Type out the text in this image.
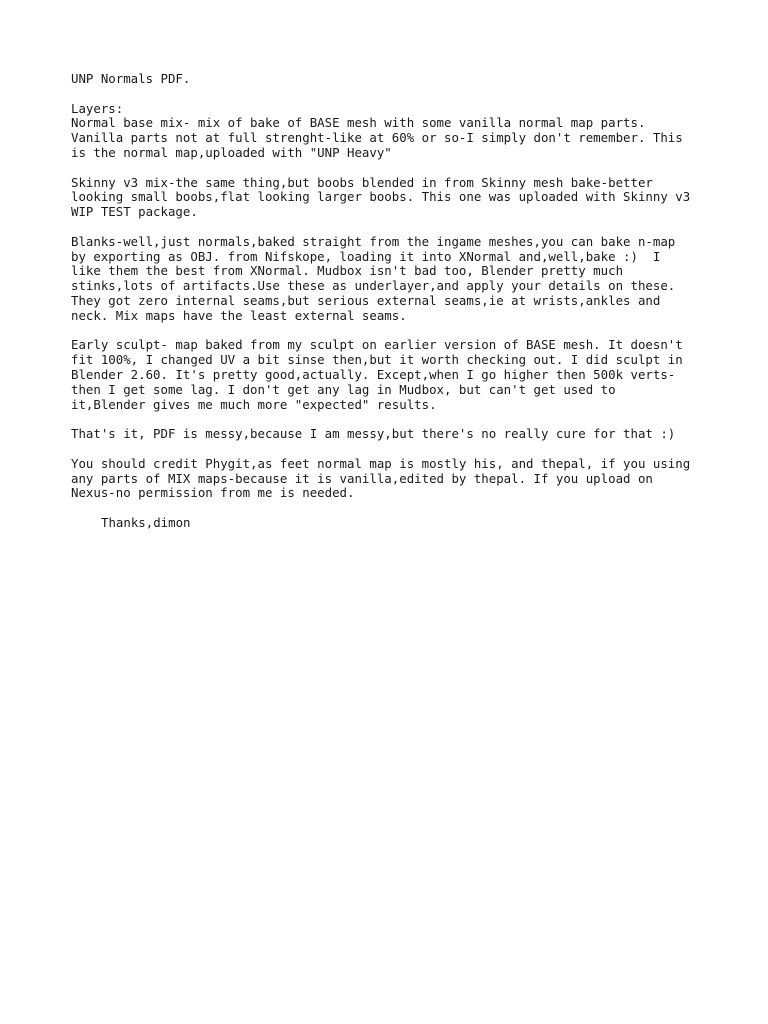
UNP Normals PDF.

Layers:
Normal base mix- mix of bake of BASE mesh with some vanilla normal map parts.
Vanilla parts not at full strenght-like at 60% or so-I simply don't remember. This
is the normal map,uploaded with "UNP Heavy"

Skinny v3 mix-the same thing,but boobs blended in from Skinny mesh bake-better
looking small boobs,flat looking larger boobs. This one was uploaded with Skinny v3
WIP TEST package.

Blanks-well,just normals,baked straight from the ingame meshes,you can bake n-map
by exporting as OBJ. from Nifskope, loading it into XNormal and,well,bake :)  I
like them the best from XNormal. Mudbox isn't bad too, Blender pretty much
stinks,lots of artifacts.Use these as underlayer,and apply your details on these.
They got zero internal seams,but serious external seams,ie at wrists,ankles and
neck. Mix maps have the least external seams.

Early sculpt- map baked from my sculpt on earlier version of BASE mesh. It doesn't
fit 100%, I changed UV a bit sinse then,but it worth checking out. I did sculpt in
Blender 2.60. It's pretty good,actually. Except,when I go higher then 500k verts-
then I get some lag. I don't get any lag in Mudbox, but can't get used to
it,Blender gives me much more "expected" results.

That's it, PDF is messy,because I am messy,but there's no really cure for that :)

You should credit Phygit,as feet normal map is mostly his, and thepal, if you using
any parts of MIX maps-because it is vanilla,edited by thepal. If you upload on
Nexus-no permission from me is needed.

Thanks,dimon
